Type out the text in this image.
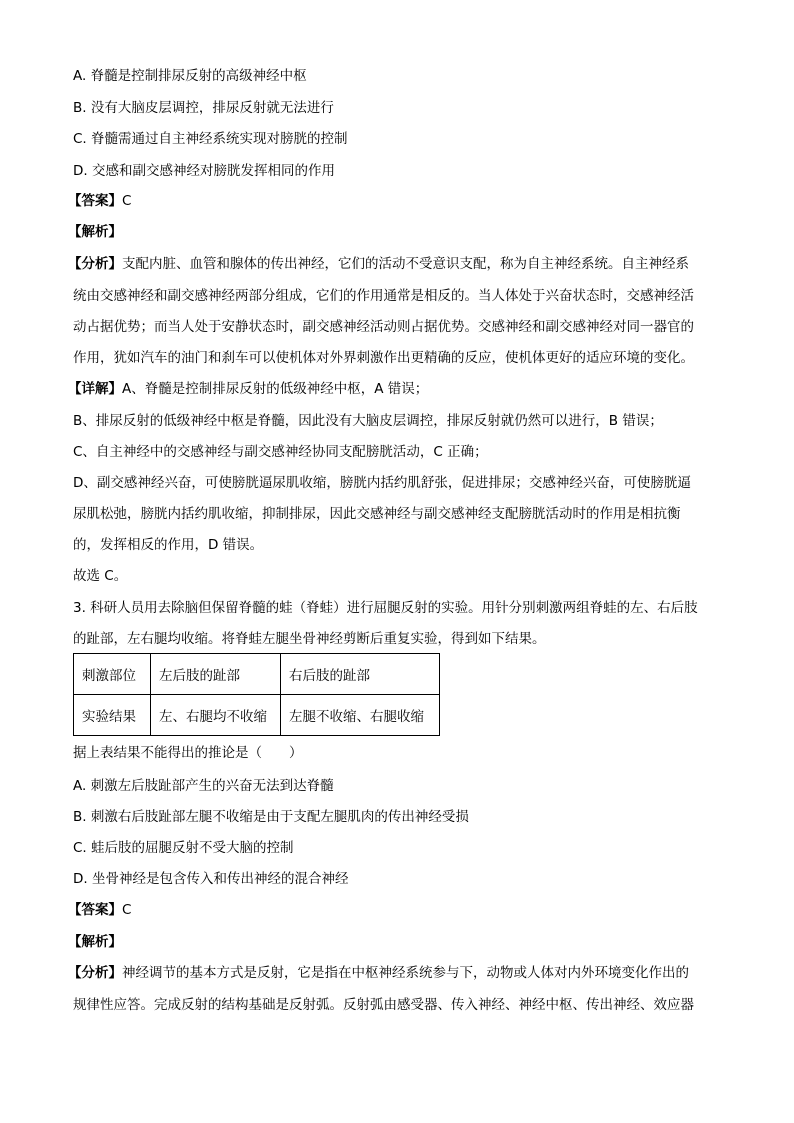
A. 脊髓是控制排尿反射的高级神经中枢
B. 没有大脑皮层调控，排尿反射就无法进行
C. 脊髓需通过自主神经系统实现对膀胱的控制
D. 交感和副交感神经对膀胱发挥相同的作用
【答案】C
【解析】
【分析】支配内脏、血管和腺体的传出神经，它们的活动不受意识支配，称为自主神经系统。自主神经系
统由交感神经和副交感神经两部分组成，它们的作用通常是相反的。当人体处于兴奋状态时，交感神经活
动占据优势；而当人处于安静状态时，副交感神经活动则占据优势。交感神经和副交感神经对同一器官的
作用，犹如汽车的油门和刹车可以使机体对外界刺激作出更精确的反应，使机体更好的适应环境的变化。
【详解】A、脊髓是控制排尿反射的低级神经中枢，A 错误；
B、排尿反射的低级神经中枢是脊髓，因此没有大脑皮层调控，排尿反射就仍然可以进行，B 错误；
C、自主神经中的交感神经与副交感神经协同支配膀胱活动，C 正确；
D、副交感神经兴奋，可使膀胱逼尿肌收缩，膀胱内括约肌舒张，促进排尿；交感神经兴奋，可使膀胱逼
尿肌松弛，膀胱内括约肌收缩，抑制排尿，因此交感神经与副交感神经支配膀胱活动时的作用是相抗衡
的，发挥相反的作用，D 错误。
故选 C。
3. 科研人员用去除脑但保留脊髓的蛙（脊蛙）进行屈腿反射的实验。用针分别刺激两组脊蛙的左、右后肢
的趾部，左右腿均收缩。将脊蛙左腿坐骨神经剪断后重复实验，得到如下结果。
刺激部位	左后肢的趾部	右后肢的趾部
实验结果	左、右腿均不收缩	左腿不收缩、右腿收缩
据上表结果不能得出的推论是（　　）
A. 刺激左后肢趾部产生的兴奋无法到达脊髓
B. 刺激右后肢趾部左腿不收缩是由于支配左腿肌肉的传出神经受损
C. 蛙后肢的屈腿反射不受大脑的控制
D. 坐骨神经是包含传入和传出神经的混合神经
【答案】C
【解析】
【分析】神经调节的基本方式是反射，它是指在中枢神经系统参与下，动物或人体对内外环境变化作出的
规律性应答。完成反射的结构基础是反射弧。反射弧由感受器、传入神经、神经中枢、传出神经、效应器
